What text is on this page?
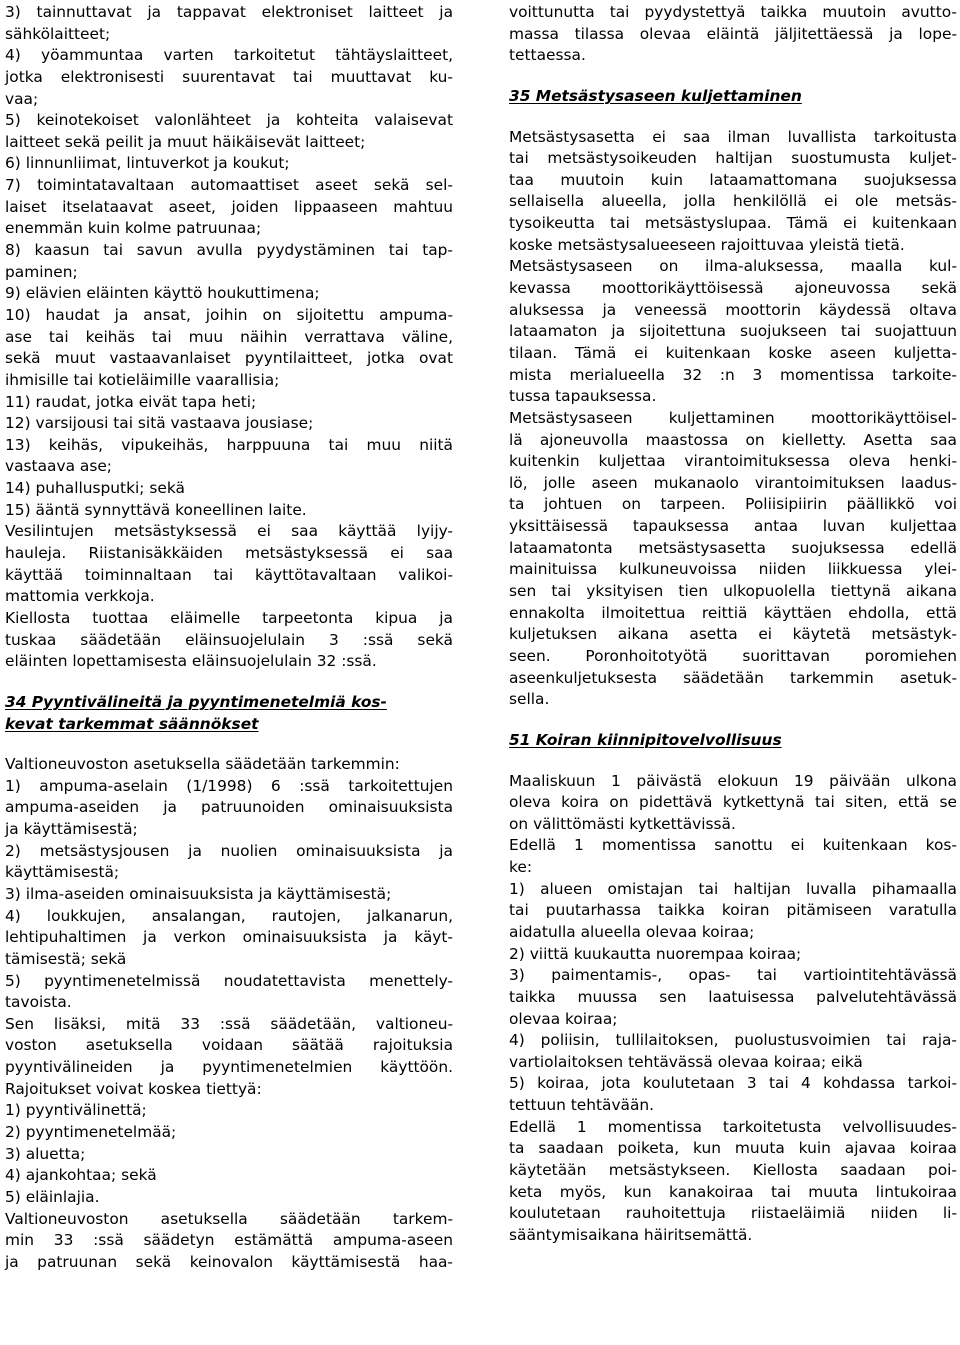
3) tainnuttavat ja tappavat elektroniset laitteet ja
sähkölaitteet;
4) yöammuntaa varten tarkoitetut tähtäyslaitteet,
jotka elektronisesti suurentavat tai muuttavat ku-
vaa;
5) keinotekoiset valonlähteet ja kohteita valaisevat
laitteet sekä peilit ja muut häikäisevät laitteet;
6) linnunliimat, lintuverkot ja koukut;
7) toimintatavaltaan automaattiset aseet sekä sel-
laiset itselataavat aseet, joiden lippaaseen mahtuu
enemmän kuin kolme patruunaa;
8) kaasun tai savun avulla pyydystäminen tai tap-
paminen;
9) elävien eläinten käyttö houkuttimena;
10) haudat ja ansat, joihin on sijoitettu ampuma-
ase tai keihäs tai muu näihin verrattava väline,
sekä muut vastaavanlaiset pyyntilaitteet, jotka ovat
ihmisille tai kotieläimille vaarallisia;
11) raudat, jotka eivät tapa heti;
12) varsijousi tai sitä vastaava jousiase;
13) keihäs, vipukeihäs, harppuuna tai muu niitä
vastaava ase;
14) puhallusputki; sekä
15) ääntä synnyttävä koneellinen laite.
Vesilintujen metsästyksessä ei saa käyttää lyijy-
hauleja. Riistanisäkkäiden metsästyksessä ei saa
käyttää toiminnaltaan tai käyttötavaltaan valikoi-
mattomia verkkoja.
Kiellosta tuottaa eläimelle tarpeetonta kipua ja
tuskaa säädetään eläinsuojelulain 3 :ssä sekä
eläinten lopettamisesta eläinsuojelulain 32 :ssä.
34 Pyyntivälineitä ja pyyntimenetelmiä kos-
kevat tarkemmat säännökset
Valtioneuvoston asetuksella säädetään tarkemmin:
1) ampuma-aselain (1/1998) 6 :ssä tarkoitettujen
ampuma-aseiden ja patruunoiden ominaisuuksista
ja käyttämisestä;
2) metsästysjousen ja nuolien ominaisuuksista ja
käyttämisestä;
3) ilma-aseiden ominaisuuksista ja käyttämisestä;
4) loukkujen, ansalangan, rautojen, jalkanarun,
lehtipuhaltimen ja verkon ominaisuuksista ja käyt-
tämisestä; sekä
5) pyyntimenetelmissä noudatettavista menettely-
tavoista.
Sen lisäksi, mitä 33 :ssä säädetään, valtioneu-
voston asetuksella voidaan säätää rajoituksia
pyyntivälineiden ja pyyntimenetelmien käyttöön.
Rajoitukset voivat koskea tiettyä:
1) pyyntivälinettä;
2) pyyntimenetelmää;
3) aluetta;
4) ajankohtaa; sekä
5) eläinlajia.
Valtioneuvoston asetuksella säädetään tarkem-
min 33 :ssä säädetyn estämättä ampuma-aseen
ja patruunan sekä keinovalon käyttämisestä haa-
voittunutta tai pyydystettyä taikka muutoin avutto-
massa tilassa olevaa eläintä jäljitettäessä ja lope-
tettaessa.
35 Metsästysaseen kuljettaminen
Metsästysasetta ei saa ilman luvallista tarkoitusta
tai metsästysoikeuden haltijan suostumusta kuljet-
taa muutoin kuin lataamattomana suojuksessa
sellaisella alueella, jolla henkilöllä ei ole metsäs-
tysoikeutta tai metsästyslupaa. Tämä ei kuitenkaan
koske metsästysalueeseen rajoittuvaa yleistä tietä.
Metsästysaseen on ilma-aluksessa, maalla kul-
kevassa moottorikäyttöisessä ajoneuvossa sekä
aluksessa ja veneessä moottorin käydessä oltava
lataamaton ja sijoitettuna suojukseen tai suojattuun
tilaan. Tämä ei kuitenkaan koske aseen kuljetta-
mista merialueella 32 :n 3 momentissa tarkoite-
tussa tapauksessa.
Metsästysaseen kuljettaminen moottorikäyttöisel-
lä ajoneuvolla maastossa on kielletty. Asetta saa
kuitenkin kuljettaa virantoimituksessa oleva henki-
lö, jolle aseen mukanaolo virantoimituksen laadus-
ta johtuen on tarpeen. Poliisipiirin päällikkö voi
yksittäisessä tapauksessa antaa luvan kuljettaa
lataamatonta metsästysasetta suojuksessa edellä
mainituissa kulkuneuvoissa niiden liikkuessa ylei-
sen tai yksityisen tien ulkopuolella tiettynä aikana
ennakolta ilmoitettua reittiä käyttäen ehdolla, että
kuljetuksen aikana asetta ei käytetä metsästyk-
seen. Poronhoitotyötä suorittavan poromiehen
aseenkuljetuksesta säädetään tarkemmin asetuk-
sella.
51 Koiran kiinnipitovelvollisuus
Maaliskuun 1 päivästä elokuun 19 päivään ulkona
oleva koira on pidettävä kytkettynä tai siten, että se
on välittömästi kytkettävissä.
Edellä 1 momentissa sanottu ei kuitenkaan kos-
ke:
1) alueen omistajan tai haltijan luvalla pihamaalla
tai puutarhassa taikka koiran pitämiseen varatulla
aidatulla alueella olevaa koiraa;
2) viittä kuukautta nuorempaa koiraa;
3) paimentamis-, opas- tai vartiointitehtävässä
taikka muussa sen laatuisessa palvelutehtävässä
olevaa koiraa;
4) poliisin, tullilaitoksen, puolustusvoimien tai raja-
vartiolaitoksen tehtävässä olevaa koiraa; eikä
5) koiraa, jota koulutetaan 3 tai 4 kohdassa tarkoi-
tettuun tehtävään.
Edellä 1 momentissa tarkoitetusta velvollisuudes-
ta saadaan poiketa, kun muuta kuin ajavaa koiraa
käytetään metsästykseen. Kiellosta saadaan poi-
keta myös, kun kanakoiraa tai muuta lintukoiraa
koulutetaan rauhoitettuja riistaeläimiä niiden li-
sääntymisaikana häiritsemättä.
